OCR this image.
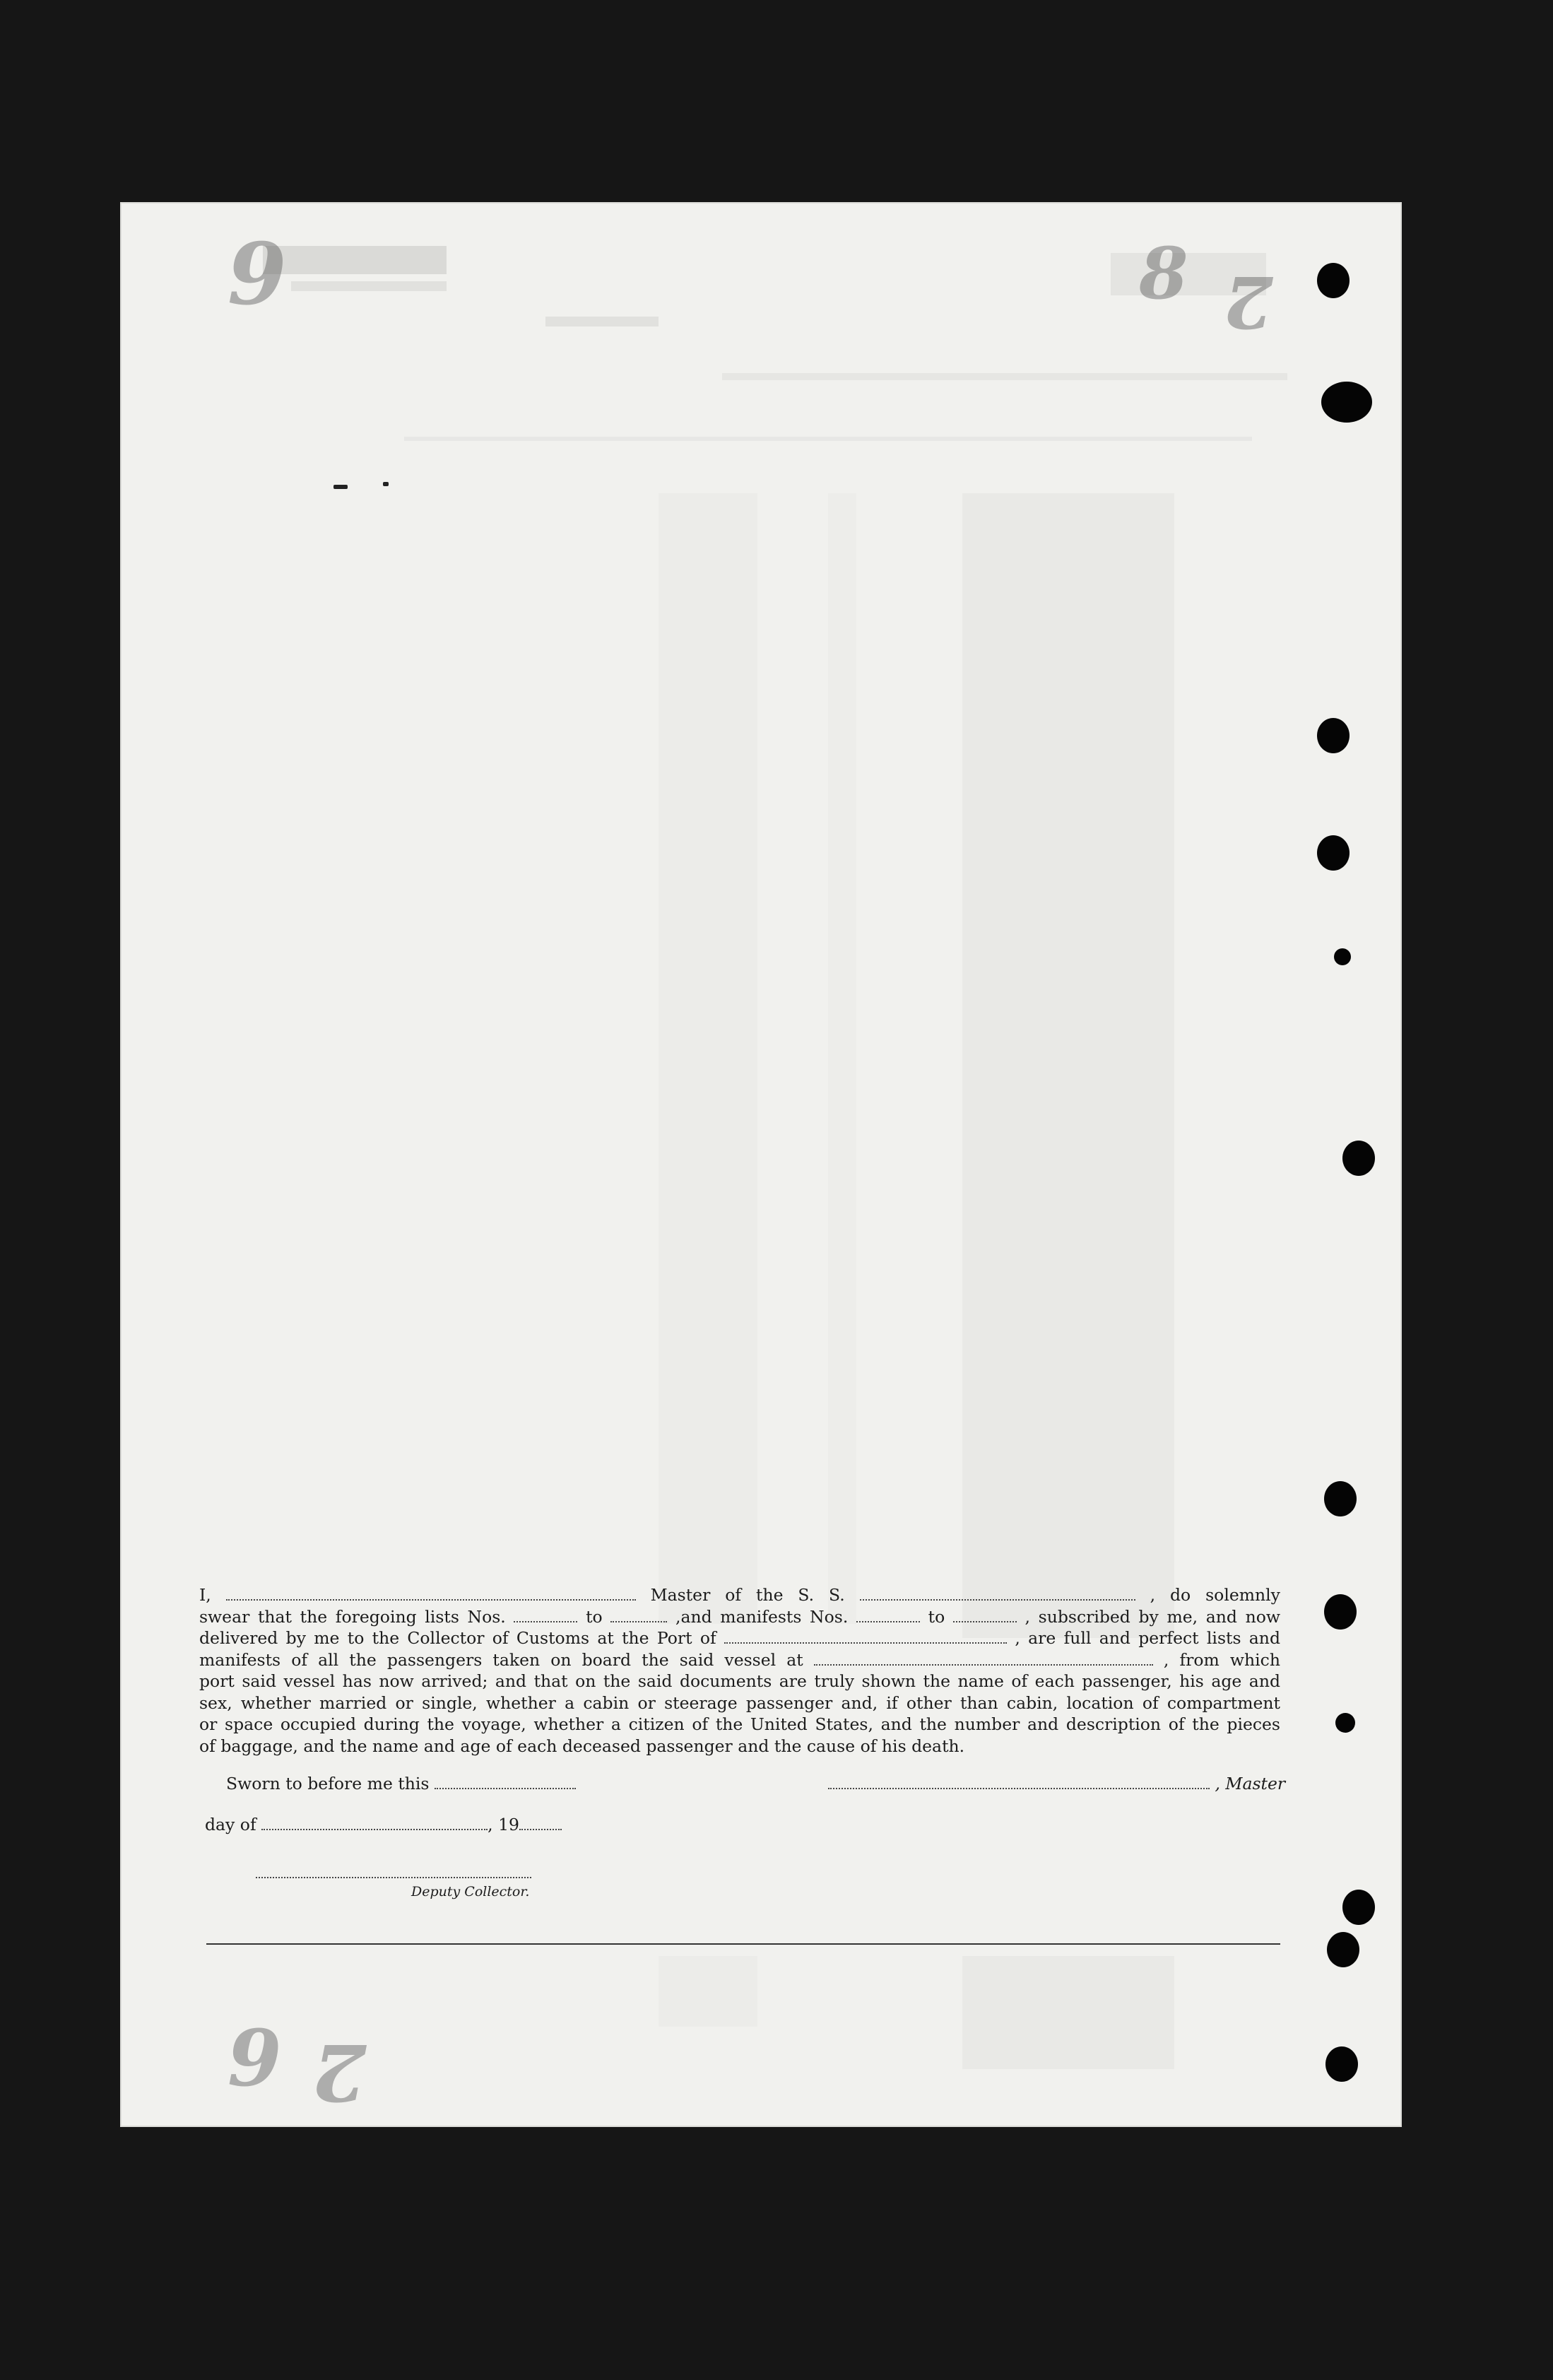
9	8 2
9 2
I,	Master of the S. S.	, do solemnly
swear that the foregoing lists Nos.	to	,and manifests Nos.	to	, subscribed by me, and now
delivered by me to the Collector of Customs at the Port of	, are full and perfect lists and
manifests of all the passengers taken on board the said vessel at	, from which
port said vessel has now arrived; and that on the said documents are truly shown the name of each passenger, his age and
sex, whether married or single, whether a cabin or steerage passenger and, if other than cabin, location of compartment
or space occupied during the voyage, whether a citizen of the United States, and the number and description of the pieces
of baggage, and the name and age of each deceased passenger and the cause of his death.
Sworn to before me this	, Master
day of	, 19
Deputy Collector.
